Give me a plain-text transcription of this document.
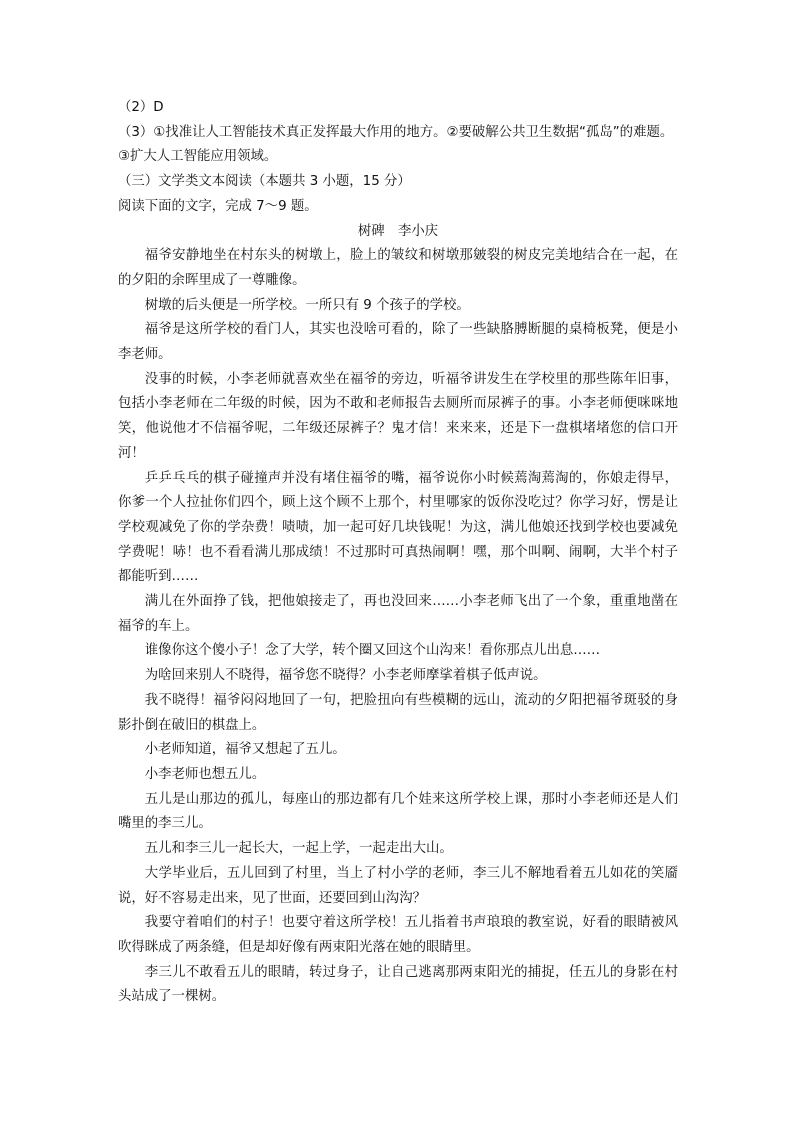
（2）D

（3）①找准让人工智能技术真正发挥最大作用的地方。②要破解公共卫生数据“孤岛”的难题。③扩大人工智能应用领域。

（三）文学类文本阅读（本题共 3 小题，15 分）

阅读下面的文字，完成 7～9 题。

树碑　李小庆

福爷安静地坐在村东头的树墩上，脸上的皱纹和树墩那皴裂的树皮完美地结合在一起，在的夕阳的余晖里成了一尊雕像。

树墩的后头便是一所学校。一所只有 9 个孩子的学校。

福爷是这所学校的看门人，其实也没啥可看的，除了一些缺胳膊断腿的桌椅板凳，便是小李老师。

没事的时候，小李老师就喜欢坐在福爷的旁边，听福爷讲发生在学校里的那些陈年旧事，包括小李老师在二年级的时候，因为不敢和老师报告去厕所而尿裤子的事。小李老师便咪咪地笑，他说他才不信福爷呢，二年级还尿裤子？鬼才信！来来来，还是下一盘棋堵堵您的信口开河！

乒乒乓乓的棋子碰撞声并没有堵住福爷的嘴，福爷说你小时候蔫淘蔫淘的，你娘走得早，你爹一个人拉扯你们四个，顾上这个顾不上那个，村里哪家的饭你没吃过？你学习好，愣是让学校观减免了你的学杂费！啧啧，加一起可好几块钱呢！为这，满儿他娘还找到学校也要减免学费呢！哧！也不看看满儿那成绩！不过那时可真热闹啊！嘿，那个叫啊、闹啊，大半个村子都能听到……

满儿在外面挣了钱，把他娘接走了，再也没回来……小李老师飞出了一个象，重重地凿在福爷的车上。

谁像你这个傻小子！念了大学，转个圈又回这个山沟来！看你那点儿出息……

为啥回来别人不晓得，福爷您不晓得？小李老师摩挲着棋子低声说。

我不晓得！福爷闷闷地回了一句，把脸扭向有些模糊的远山，流动的夕阳把福爷斑驳的身影扑倒在破旧的棋盘上。

小老师知道，福爷又想起了五儿。

小李老师也想五儿。

五儿是山那边的孤儿，每座山的那边都有几个娃来这所学校上课，那时小李老师还是人们嘴里的李三儿。

五儿和李三儿一起长大，一起上学，一起走出大山。

大学毕业后，五儿回到了村里，当上了村小学的老师，李三儿不解地看着五儿如花的笑靥说，好不容易走出来，见了世面，还要回到山沟沟？

我要守着咱们的村子！也要守着这所学校！五儿指着书声琅琅的教室说，好看的眼睛被风吹得眯成了两条缝，但是却好像有两束阳光落在她的眼睛里。

李三儿不敢看五儿的眼睛，转过身子，让自己逃离那两束阳光的捕捉，任五儿的身影在村头站成了一棵树。
